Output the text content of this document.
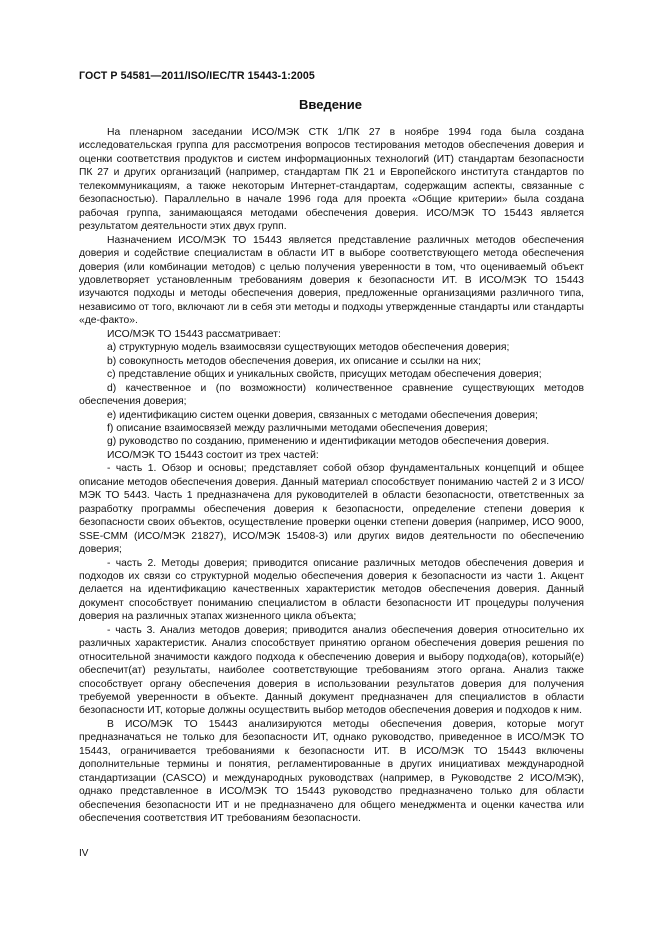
ГОСТ Р 54581—2011/ISO/IEC/TR 15443-1:2005
Введение

На пленарном заседании ИСО/МЭК СТК 1/ПК 27 в ноябре 1994 года была создана исследовательская группа для рассмотрения вопросов тестирования методов обеспечения доверия и оценки соответствия продуктов и систем информационных технологий (ИТ) стандартам безопасности ПК 27 и других организаций (например, стандартам ПК 21 и Европейского института стандартов по телекоммуникациям, а также некоторым Интернет-стандартам, содержащим аспекты, связанные с безопасностью). Параллельно в начале 1996 года для проекта «Общие критерии» была создана рабочая группа, занимающаяся методами обеспечения доверия. ИСО/МЭК ТО 15443 является результатом деятельности этих двух групп.

Назначением ИСО/МЭК ТО 15443 является представление различных методов обеспечения доверия и содействие специалистам в области ИТ в выборе соответствующего метода обеспечения доверия (или комбинации методов) с целью получения уверенности в том, что оцениваемый объект удовлетворяет установленным требованиям доверия к безопасности ИТ. В ИСО/МЭК ТО 15443 изучаются подходы и методы обеспечения доверия, предложенные организациями различного типа, независимо от того, включают ли в себя эти методы и подходы утвержденные стандарты или стандарты «де-факто».

ИСО/МЭК ТО 15443 рассматривает:

a) структурную модель взаимосвязи существующих методов обеспечения доверия;

b) совокупность методов обеспечения доверия, их описание и ссылки на них;

c) представление общих и уникальных свойств, присущих методам обеспечения доверия;

d) качественное и (по возможности) количественное сравнение существующих методов обеспечения доверия;

e) идентификацию систем оценки доверия, связанных с методами обеспечения доверия;

f) описание взаимосвязей между различными методами обеспечения доверия;

g) руководство по созданию, применению и идентификации методов обеспечения доверия.

ИСО/МЭК ТО 15443 состоит из трех частей:

- часть 1. Обзор и основы; представляет собой обзор фундаментальных концепций и общее описание методов обеспечения доверия. Данный материал способствует пониманию частей 2 и 3 ИСО/МЭК ТО 5443. Часть 1 предназначена для руководителей в области безопасности, ответственных за разработку программы обеспечения доверия к безопасности, определение степени доверия к безопасности своих объектов, осуществление проверки оценки степени доверия (например, ИСО 9000, SSE-CMM (ИСО/МЭК 21827), ИСО/МЭК 15408-3) или других видов деятельности по обеспечению доверия;

- часть 2. Методы доверия; приводится описание различных методов обеспечения доверия и подходов их связи со структурной моделью обеспечения доверия к безопасности из части 1. Акцент делается на идентификацию качественных характеристик методов обеспечения доверия. Данный документ способствует пониманию специалистом в области безопасности ИТ процедуры получения доверия на различных этапах жизненного цикла объекта;

- часть 3. Анализ методов доверия; приводится анализ обеспечения доверия относительно их различных характеристик. Анализ способствует принятию органом обеспечения доверия решения по относительной значимости каждого подхода к обеспечению доверия и выбору подхода(ов), который(е) обеспечит(ат) результаты, наиболее соответствующие требованиям этого органа. Анализ также способствует органу обеспечения доверия в использовании результатов доверия для получения требуемой уверенности в объекте. Данный документ предназначен для специалистов в области безопасности ИТ, которые должны осуществить выбор методов обеспечения доверия и подходов к ним.

В ИСО/МЭК ТО 15443 анализируются методы обеспечения доверия, которые могут предназначаться не только для безопасности ИТ, однако руководство, приведенное в ИСО/МЭК ТО 15443, ограничивается требованиями к безопасности ИТ. В ИСО/МЭК ТО 15443 включены дополнительные термины и понятия, регламентированные в других инициативах международной стандартизации (CASCO) и международных руководствах (например, в Руководстве 2 ИСО/МЭК), однако представленное в ИСО/МЭК ТО 15443 руководство предназначено только для области обеспечения безопасности ИТ и не предназначено для общего менеджмента и оценки качества или обеспечения соответствия ИТ требованиям безопасности.

IV
